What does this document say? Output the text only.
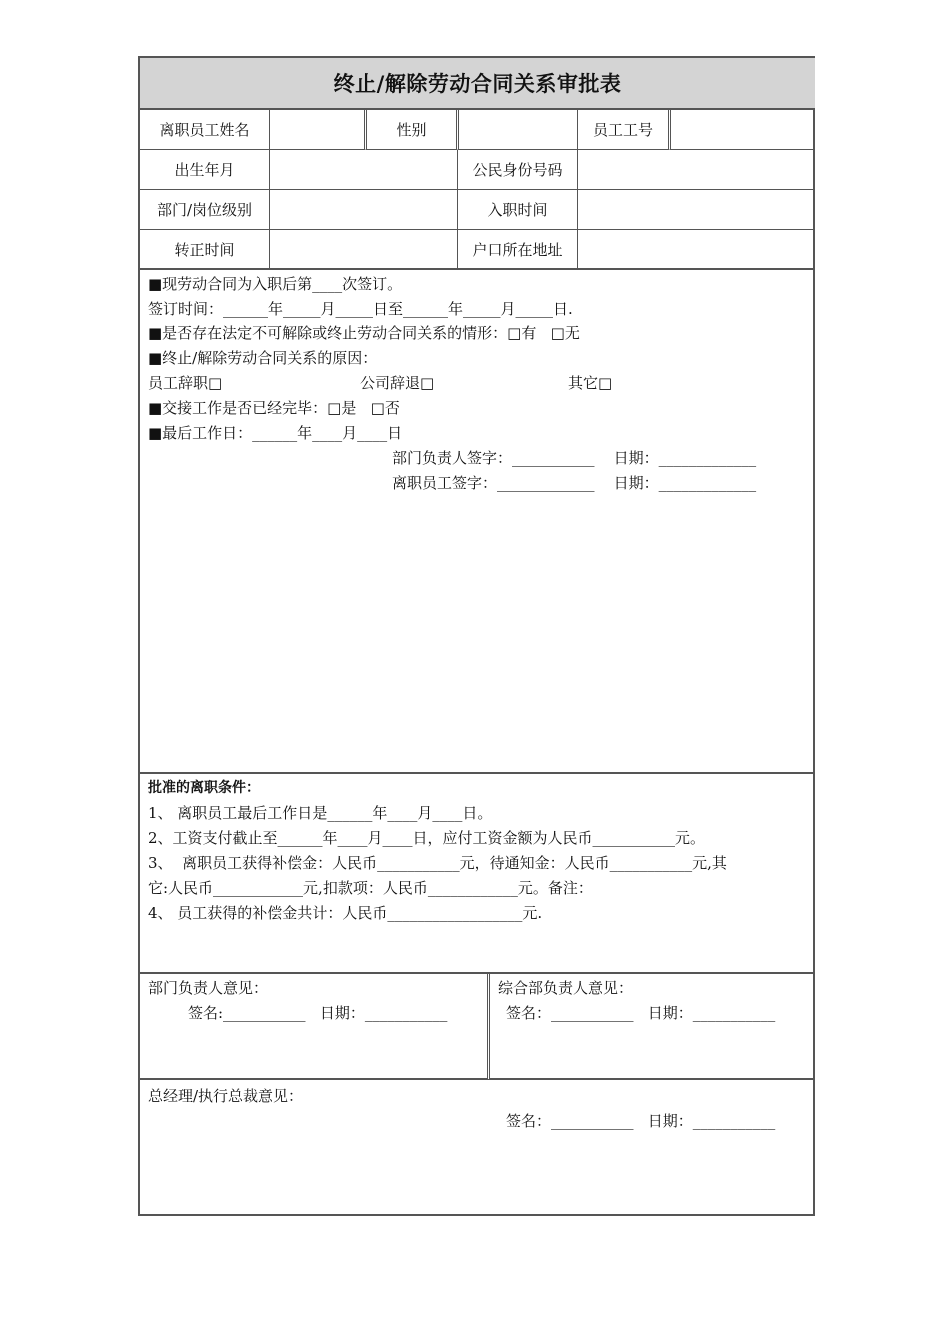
终止/解除劳动合同关系审批表
离职员工姓名	性别	员工工号
出生年月	公民身份号码
部门/岗位级别	入职时间
转正时间	户口所在地址
■现劳动合同为入职后第____次签订。
签订时间：______年_____月_____日至______年_____月_____日.
■是否存在法定不可解除或终止劳动合同关系的情形：□有   □无
■终止/解除劳动合同关系的原因：
员工辞职□	公司辞退□	其它□
■交接工作是否已经完毕：□是   □否
■最后工作日：______年____月____日
部门负责人签字：___________    日期：_____________
离职员工签字：_____________    日期：_____________
批准的离职条件：
1、 离职员工最后工作日是______年____月____日。
2、工资支付截止至______年____月____日，应付工资金额为人民币___________元。
3、  离职员工获得补偿金：人民币___________元，待通知金：人民币___________元,其
它:人民币____________元,扣款项：人民币____________元。备注：
4、 员工获得的补偿金共计：人民币__________________元.
部门负责人意见：
签名:___________   日期：___________
综合部负责人意见：
签名：___________   日期：___________
总经理/执行总裁意见：
签名：___________   日期：___________
